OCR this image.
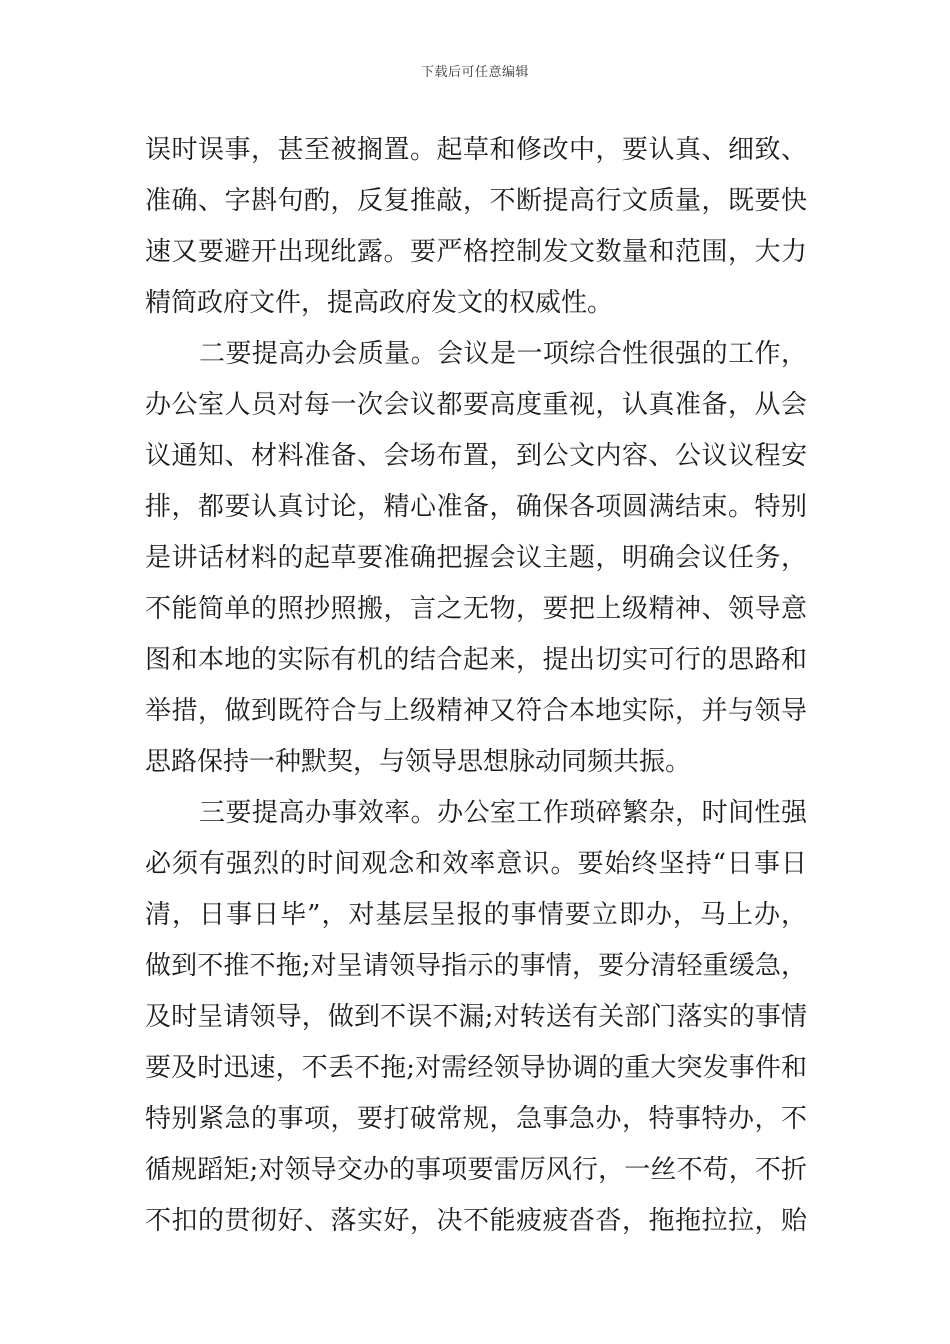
下载后可任意编辑
误时误事，甚至被搁置。起草和修改中，要认真、细致、
准确、字斟句酌，反复推敲，不断提高行文质量，既要快
速又要避开出现纰露。要严格控制发文数量和范围，大力
精简政府文件，提高政府发文的权威性。
二要提高办会质量。会议是一项综合性很强的工作，
办公室人员对每一次会议都要高度重视，认真准备，从会
议通知、材料准备、会场布置，到公文内容、公议议程安
排，都要认真讨论，精心准备，确保各项圆满结束。特别
是讲话材料的起草要准确把握会议主题，明确会议任务，
不能简单的照抄照搬，言之无物，要把上级精神、领导意
图和本地的实际有机的结合起来，提出切实可行的思路和
举措，做到既符合与上级精神又符合本地实际，并与领导
思路保持一种默契，与领导思想脉动同频共振。
三要提高办事效率。办公室工作琐碎繁杂，时间性强
必须有强烈的时间观念和效率意识。要始终坚持“日事日
清，日事日毕”，对基层呈报的事情要立即办，马上办，
做到不推不拖;对呈请领导指示的事情，要分清轻重缓急，
及时呈请领导，做到不误不漏;对转送有关部门落实的事情
要及时迅速，不丢不拖;对需经领导协调的重大突发事件和
特别紧急的事项，要打破常规，急事急办，特事特办，不
循规蹈矩;对领导交办的事项要雷厉风行，一丝不苟，不折
不扣的贯彻好、落实好，决不能疲疲沓沓，拖拖拉拉，贻
